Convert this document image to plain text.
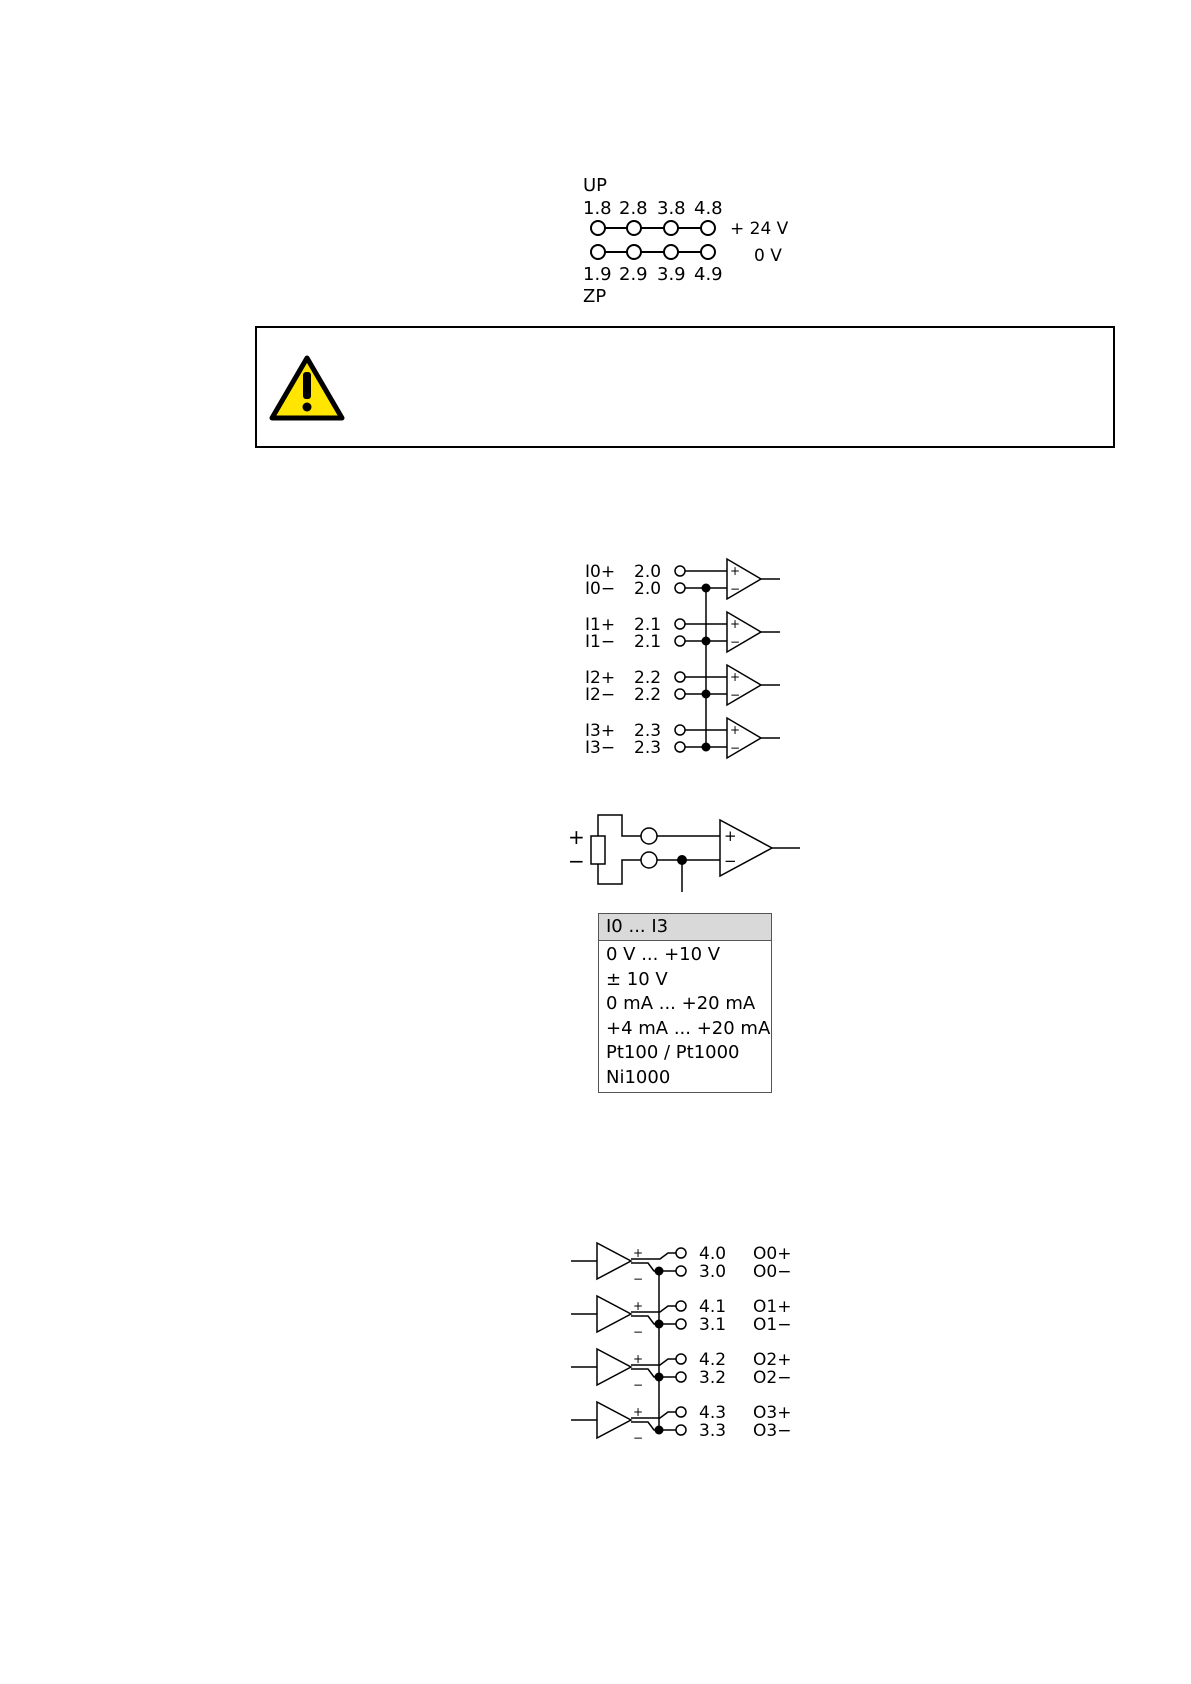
UP
1.8 2.8 3.8 4.8
+ 24 V
0 V
1.9 2.9 3.9 4.9
ZP
I0+
I0−
2.0
2.0
+
−
I1+
I1−
2.1
2.1
+
−
I2+
I2−
2.2
2.2
+
−
I3+
I3−
2.3
2.3
+
−
+
−
+
−
I0 ... I3
0 V ... +10 V
± 10 V
0 mA ... +20 mA
+4 mA ... +20 mA
Pt100 / Pt1000
Ni1000
+
−
4.0
3.0
O0+
O0−
+
−
4.1
3.1
O1+
O1−
+
−
4.2
3.2
O2+
O2−
+
−
4.3
3.3
O3+
O3−
